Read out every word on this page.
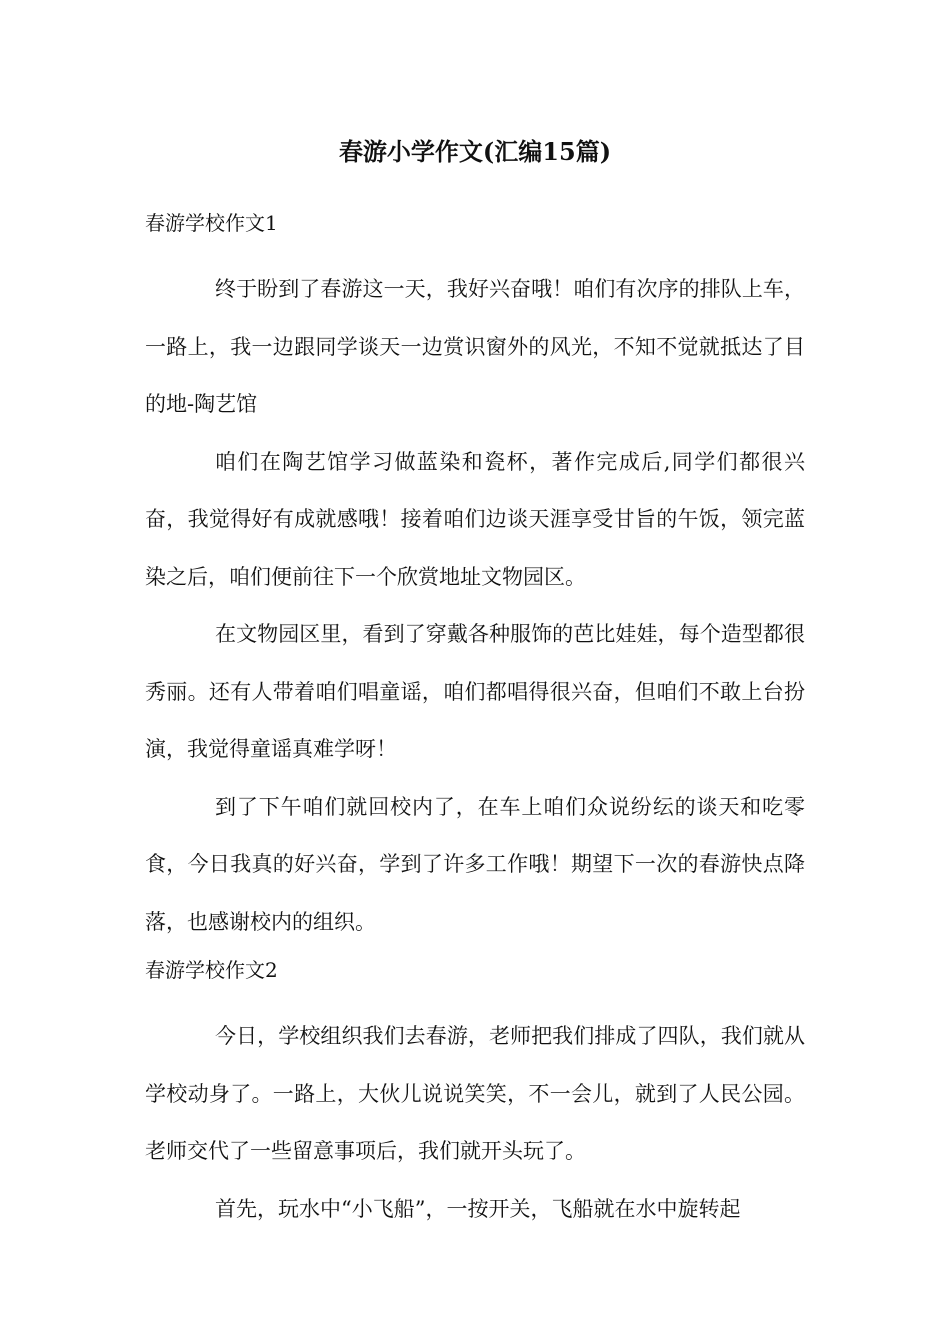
春游小学作文(汇编15篇)
春游学校作文1

终于盼到了春游这一天，我好兴奋哦！咱们有次序的排队上车，一路上，我一边跟同学谈天一边赏识窗外的风光，不知不觉就抵达了目的地-陶艺馆

咱们在陶艺馆学习做蓝染和瓷杯，著作完成后,同学们都很兴奋，我觉得好有成就感哦！接着咱们边谈天涯享受甘旨的午饭，领完蓝染之后，咱们便前往下一个欣赏地址文物园区。

在文物园区里，看到了穿戴各种服饰的芭比娃娃，每个造型都很秀丽。还有人带着咱们唱童谣，咱们都唱得很兴奋，但咱们不敢上台扮演，我觉得童谣真难学呀！

到了下午咱们就回校内了，在车上咱们众说纷纭的谈天和吃零食，今日我真的好兴奋，学到了许多工作哦！期望下一次的春游快点降落，也感谢校内的组织。

春游学校作文2

今日，学校组织我们去春游，老师把我们排成了四队，我们就从学校动身了。一路上，大伙儿说说笑笑，不一会儿，就到了人民公园。老师交代了一些留意事项后，我们就开头玩了。

首先，玩水中“小飞船”，一按开关，飞船就在水中旋转起
